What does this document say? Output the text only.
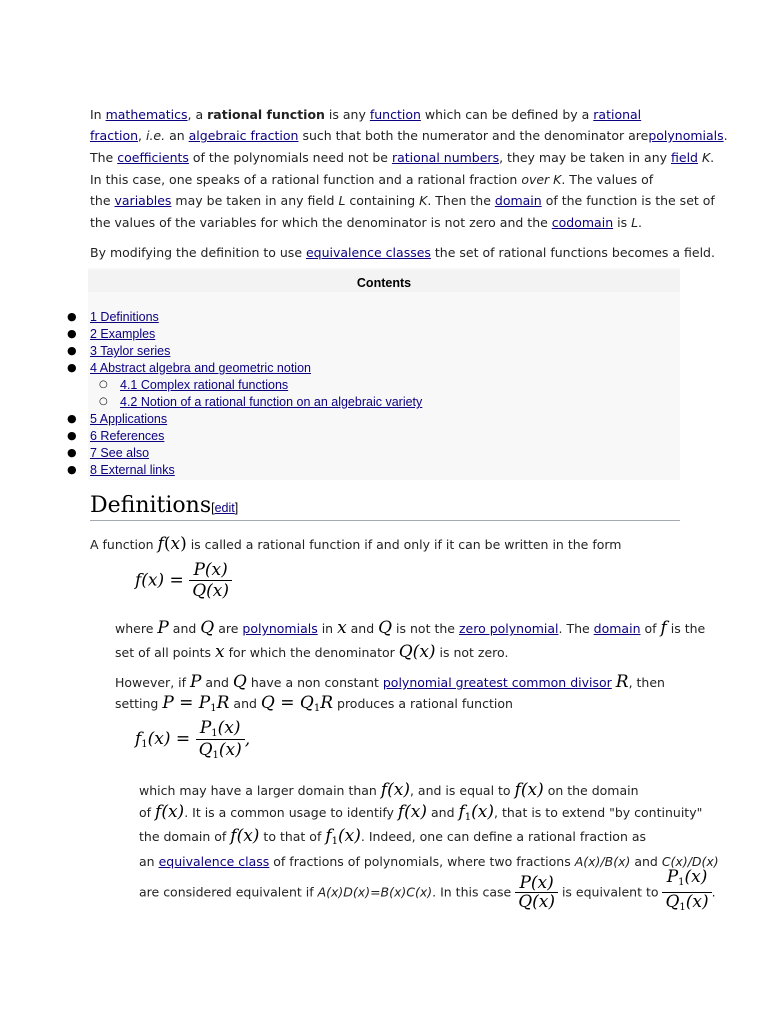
In mathematics, a rational function is any function which can be defined by a rational
fraction, i.e. an algebraic fraction such that both the numerator and the denominator arepolynomials.
The coefficients of the polynomials need not be rational numbers, they may be taken in any field K.
In this case, one speaks of a rational function and a rational fraction over K. The values of
the variables may be taken in any field L containing K. Then the domain of the function is the set of
the values of the variables for which the denominator is not zero and the codomain is L.
By modifying the definition to use equivalence classes the set of rational functions becomes a field.
Contents
● 1 Definitions
● 2 Examples
● 3 Taylor series
● 4 Abstract algebra and geometric notion
○ 4.1 Complex rational functions
○ 4.2 Notion of a rational function on an algebraic variety
● 5 Applications
● 6 References
● 7 See also
● 8 External links
Definitions[edit]
A function f(x) is called a rational function if and only if it can be written in the form
$f(x) = \frac{P(x)}{Q(x)}$
where P and Q are polynomials in x and Q is not the zero polynomial. The domain of f is the
set of all points x for which the denominator Q(x) is not zero.
However, if P and Q have a non constant polynomial greatest common divisor R, then
setting $P = P_1R$ and $Q = Q_1R$ produces a rational function
$f_1(x) = \frac{P_1(x)}{Q_1(x)}$ ,
which may have a larger domain than f(x), and is equal to f(x) on the domain
of f(x). It is a common usage to identify f(x) and $f_1(x)$, that is to extend "by continuity"
the domain of f(x) to that of $f_1(x)$. Indeed, one can define a rational fraction as
an equivalence class of fractions of polynomials, where two fractions A(x)/B(x) and C(x)/D(x)
are considered equivalent if A(x)D(x)=B(x)C(x). In this case $\frac{P(x)}{Q(x)}$ is equivalent to $\frac{P_1(x)}{Q_1(x)}$ .
